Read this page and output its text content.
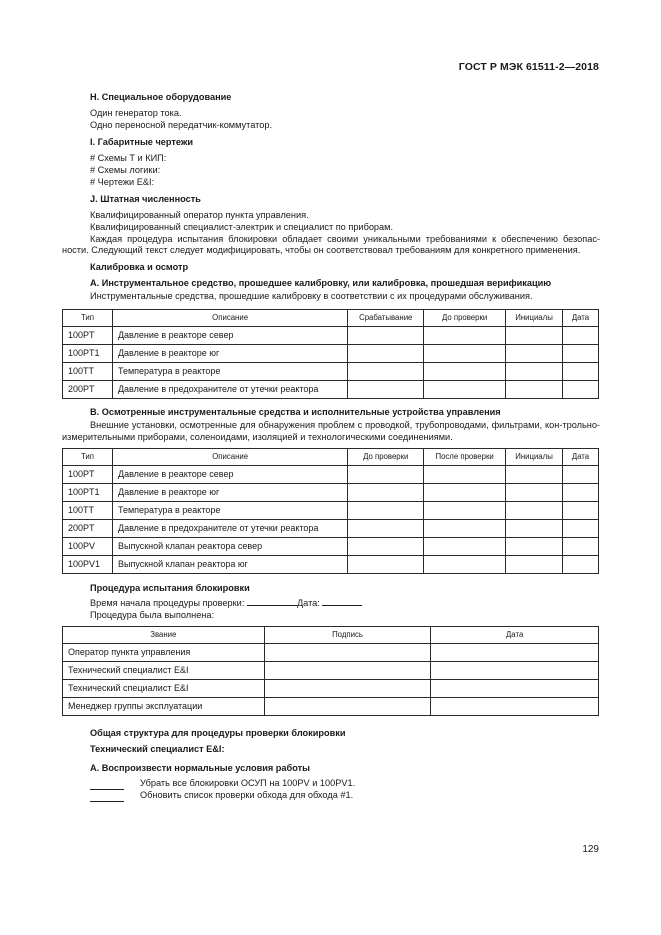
ГОСТ Р МЭК 61511-2—2018

H. Специальное оборудование

Один генератор тока.

Одно переносной передатчик-коммутатор.

I. Габаритные чертежи

# Схемы Т и КИП:

# Схемы логики:

# Чертежи E&I:

J. Штатная численность

Квалифицированный оператор пункта управления.

Квалифицированный специалист-электрик и специалист по приборам.

Каждая процедура испытания блокировки обладает своими уникальными требованиями к обеспечению безопас-ности. Следующий текст следует модифицировать, чтобы он соответствовал требованиям для конкретного применения.

Калибровка и осмотр

А. Инструментальное средство, прошедшее калибровку, или калибровка, прошедшая верификацию

Инструментальные средства, прошедшие калибровку в соответствии с их процедурами обслуживания.

Тип	Описание	Срабатывание	До проверки	Инициалы	Дата
100PT	Давление в реакторе север				
100PT1	Давление в реакторе юг				
100TT	Температура в реакторе				
200PT	Давление в предохранителе от утечки реактора				

В. Осмотренные инструментальные средства и исполнительные устройства управления

Внешние установки, осмотренные для обнаружения проблем с проводкой, трубопроводами, фильтрами, кон-трольно-измерительными приборами, соленоидами, изоляцией и технологическими соединениями.

Тип	Описание	До проверки	После проверки	Инициалы	Дата
100PT	Давление в реакторе север				
100PT1	Давление в реакторе юг				
100TT	Температура в реакторе				
200PT	Давление в предохранителе от утечки реактора				
100PV	Выпускной клапан реактора север				
100PV1	Выпускной клапан реактора юг				

Процедура испытания блокировки

Время начала процедуры проверки:	Дата:

Процедура была выполнена:

Звание	Подпись	Дата
Оператор пункта управления		
Технический специалист E&I		
Технический специалист E&I		
Менеджер группы эксплуатации		

Общая структура для процедуры проверки блокировки

Технический специалист E&I:

А. Воспроизвести нормальные условия работы

Убрать все блокировки ОСУП на 100PV и 100PV1.
Обновить список проверки обхода для обхода #1.
129
